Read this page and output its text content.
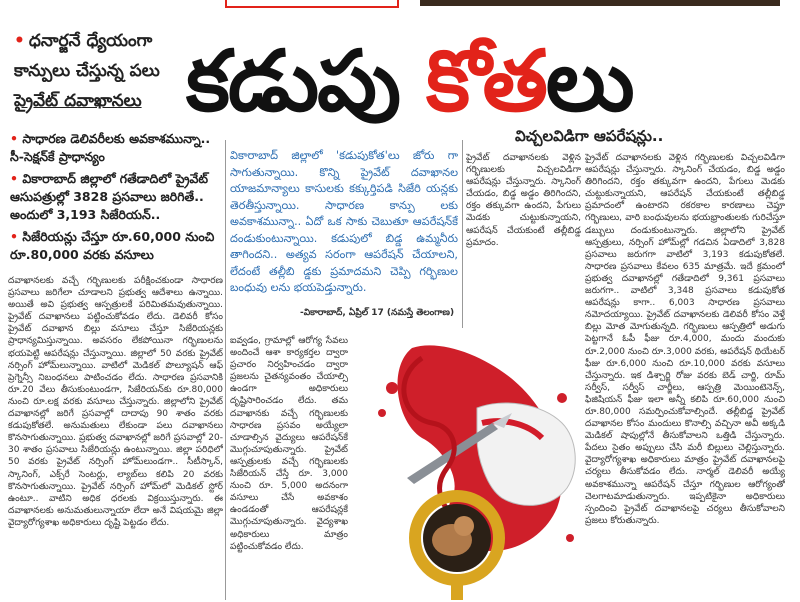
• ధనార్జనే ధ్యేయంగా
కాన్పులు చేస్తున్న పలు
ప్రైవేట్ దవాఖానలు కడుపు కోతలు
విచ్చలవిడిగా ఆపరేషన్లు..
• సాధారణ డెలివరీలకు అవకాశమున్నా.. సీ-సెక్షన్‌కే ప్రాధాన్యం
• వికారాబాద్ జిల్లాలో గతేడాదిలో ప్రైవేట్ ఆసుపత్రుల్లో 3828 ప్రసవాలు జరిగితే.. అందులో 3,193 సిజేరియన్..
• సిజేరియన్లు చేస్తూ రూ.60,000 నుంచి రూ.80,000 వరకు వసూలు
వికారాబాద్ జిల్లాలో 'కడుపుకోత'లు జోరు గా సాగుతున్నాయి. కొన్ని ప్రైవేట్ దవాఖానల యాజమాన్యాలు కాసులకు కక్కుర్తిపడి సిజేరి యన్లకు తెరతీస్తున్నాయి. సాధారణ కాన్పు లకు అవకాశమున్నా.. ఏదో ఒక సాకు చెబుతూ ఆపరేషన్‌కే దండుకుంటున్నాయి. కడుపులో బిడ్డ ఉమ్మనీరు తాగిందని.. అత్యవ సరంగా ఆపరేషన్ చేయాలని, లేదంటే తల్లీబి డ్డకు ప్రమాదమని చెప్పి గర్భిణుల బంధువు లను భయపెడ్తున్నారు.
-వికారాబాద్, ఏప్రిల్ 17 (నమస్తే తెలంగాణ)
ప్రైవేట్ దవాఖానలకు వెళ్లిన గర్భిణులకు విచ్చలవిడిగా ఆపరేషన్లు చేస్తున్నారు. స్కానింగ్ చేయడం, బిడ్డ అడ్డం తిరిగిందని, రక్తం తక్కువగా ఉందని, పేగులు మెడకు చుట్టుకున్నాయని, ఆపరేషన్ చేయకుంటే తల్లీబిడ్డ ప్రమాదం.
దవాఖానలకు వచ్చే గర్భిణులకు పరీక్షించకుండా సాధారణ ప్రసవాలు జరిగేలా చూడాలని ప్రభుత్వ ఆదేశాలు ఉన్నాయి. అయితే అవి ప్రభుత్వ ఆస్పత్రులకే పరిమితమవుతున్నాయి. ప్రైవేట్ దవాఖానలు పట్టించుకోవడం లేదు. డెలివరీ కోసం ప్రైవేట్ దవాఖాన బిల్లు వసూలు చేస్తూ సిజేరియన్లకు ప్రాధాన్యమిస్తున్నాయి. అవసరం లేకపోయినా గర్భిణులను భయపెట్టి ఆపరేషన్లు చేస్తున్నాయి. జిల్లాలో 50 వరకు ప్రైవేట్ నర్సింగ్ హోమ్‌లున్నాయి. వాటిలో మెడికల్ పొల్యూషన్ ఆఫ్ ప్రెగ్నెన్సీ నిబంధనలు పాటించడం లేదు. సాధారణ ప్రసవానికి రూ.20 వేలు తీసుకుంటుండగా, సిజేరియన్‌కు రూ.80,000 నుంచి రూ.లక్ష వరకు వసూలు చేస్తున్నారు. జిల్లాలోని ప్రైవేట్ దవాఖానల్లో జరిగే ప్రసవాల్లో దాదాపు 90 శాతం వరకు కడుపుకోతలే. అనుమతులు లేకుండా పలు దవాఖానలు కొనసాగుతున్నాయి. ప్రభుత్వ దవాఖానల్లో జరిగే ప్రసవాల్లో 20-30 శాతం ప్రసవాలు సిజేరియన్లు ఉంటున్నాయి. జిల్లా పరిధిలో 50 వరకు ప్రైవేట్ నర్సింగ్ హోమ్‌లుండగా.. సీటీస్కాన్, స్కానింగ్, ఎక్స్‌రే సెంటర్లు, ల్యాబ్‌లు కలిపి 20 వరకు కొనసాగుతున్నాయి. ప్రైవేట్ నర్సింగ్ హోమ్‌లో మెడికల్ స్టోర్ ఉంటూ.. వాటిని అధిక ధరలకు విక్రయిస్తున్నారు. ఈ దవాఖానలకు అనుమతులున్నాయా లేదా అనే విషయమై జిల్లా వైద్యారోగ్యశాఖ అధికారులు దృష్టి పెట్టడం లేదు.
ఐవ్వడం, గ్రామాల్లో ఆరోగ్య సేవలు అందించే ఆశా కార్యకర్తల ద్వారా ప్రచారం నిర్వహించడం ద్వారా ప్రజలను చైతన్యవంతం చేయాల్సి ఉండగా అధికారులు దృష్టిసారించడం లేదు. తమ దవాఖానకు వచ్చే గర్భిణులకు సాధారణ ప్రసవం అయ్యేలా చూడాల్సిన వైద్యులు ఆపరేషన్‌కే మొగ్గుచూపుతున్నారు. ప్రైవేట్ ఆస్పత్రులకు వచ్చే గర్భిణులకు సిజేరియన్ చేస్తే రూ. 3,000 నుంచి రూ. 5,000 అదనంగా వసూలు చేసే అవకాశం ఉండడంతో ఆపరేషన్లకే మొగ్గుచూపుతున్నారు. వైద్యశాఖ అధికారులు మాత్రం పట్టించుకోవడం లేదు.
ప్రైవేట్ దవాఖానలకు వెళ్లిన గర్భిణులకు విచ్చలవిడిగా ఆపరేషన్లు చేస్తున్నారు. స్కానింగ్ చేయడం, బిడ్డ అడ్డం తిరిగిందని, రక్తం తక్కువగా ఉందని, పేగులు మెడకు చుట్టుకున్నాయని, ఆపరేషన్ చేయకుంటే తల్లీబిడ్డ ప్రమాదంలో ఉంటారని రకరకాల కారణాలు చెప్తూ గర్భిణులు, వారి బంధువులను భయభ్రాంతులకు గురిచేస్తూ డబ్బులు దండుకుంటున్నారు. జిల్లాలోని ప్రైవేట్ ఆస్పత్రులు, నర్సింగ్ హోమ్‌ల్లో గడచిన ఏడాదిలో 3,828 ప్రసవాలు జరుగగా వాటిలో 3,193 కడుపుకోతలే. సాధారణ ప్రసవాలు కేవలం 635 మాత్రమే. ఇదే క్రమంలో ప్రభుత్వ దవాఖానల్లో గతేడాదిలో 9,361 ప్రసవాలు జరుగగా.. వాటిలో 3,348 ప్రసవాలు కడుపుకోత ఆపరేషన్లు కాగా.. 6,003 సాధారణ ప్రసవాలు నమోదయ్యాయి. ప్రైవేట్ దవాఖానలకు డెలివరీ కోసం వెళ్తే బిల్లు మోత మోగుతున్నది. గర్భిణులు ఆస్పత్రిలో అడుగు పెట్టగానే ఓపీ ఫీజు రూ.4,000, మందు మందుకు రూ.2,000 నుంచి రూ.3,000 వరకు, ఆపరేషన్ థియేటర్ ఫీజు రూ.6,000 నుంచి రూ.10,000 వరకు వసూలు చేస్తున్నారు. ఇక డిశ్చార్జి రోజు వరకు బెడ్ చార్జి, రూమ్ సర్వీస్, సర్వీస్ చార్జీలు, ఆస్పత్రి మెయింటెనెన్స్, ఫిజిషియన్ ఫీజు ఇలా అన్నీ కలిపి రూ.60,000 నుంచి రూ.80,000 సమర్పించుకోవాల్సిందే. తల్లీబిడ్డ ప్రైవేట్ దవాఖానల కోసం మందులు కొనాల్సి వచ్చినా అవీ అక్కడి మెడికల్ షాపుల్లోనే తీసుకోవాలని ఒత్తిడి చేస్తున్నారు. పేదలు సైతం అప్పులు చేసి మరీ బిల్లులు చెల్లిస్తున్నారు. వైద్యారోగ్యశాఖ అధికారులు మాత్రం ప్రైవేట్ దవాఖానలపై చర్యలు తీసుకోవడం లేదు. నార్మల్ డెలివరీ అయ్యే అవకాశమున్నా ఆపరేషన్ చేస్తూ గర్భిణుల ఆరోగ్యంతో చెలగాటమాడుతున్నారు. ఇప్పటికైనా అధికారులు స్పందించి ప్రైవేట్ దవాఖానలపై చర్యలు తీసుకోవాలని ప్రజలు కోరుతున్నారు.
